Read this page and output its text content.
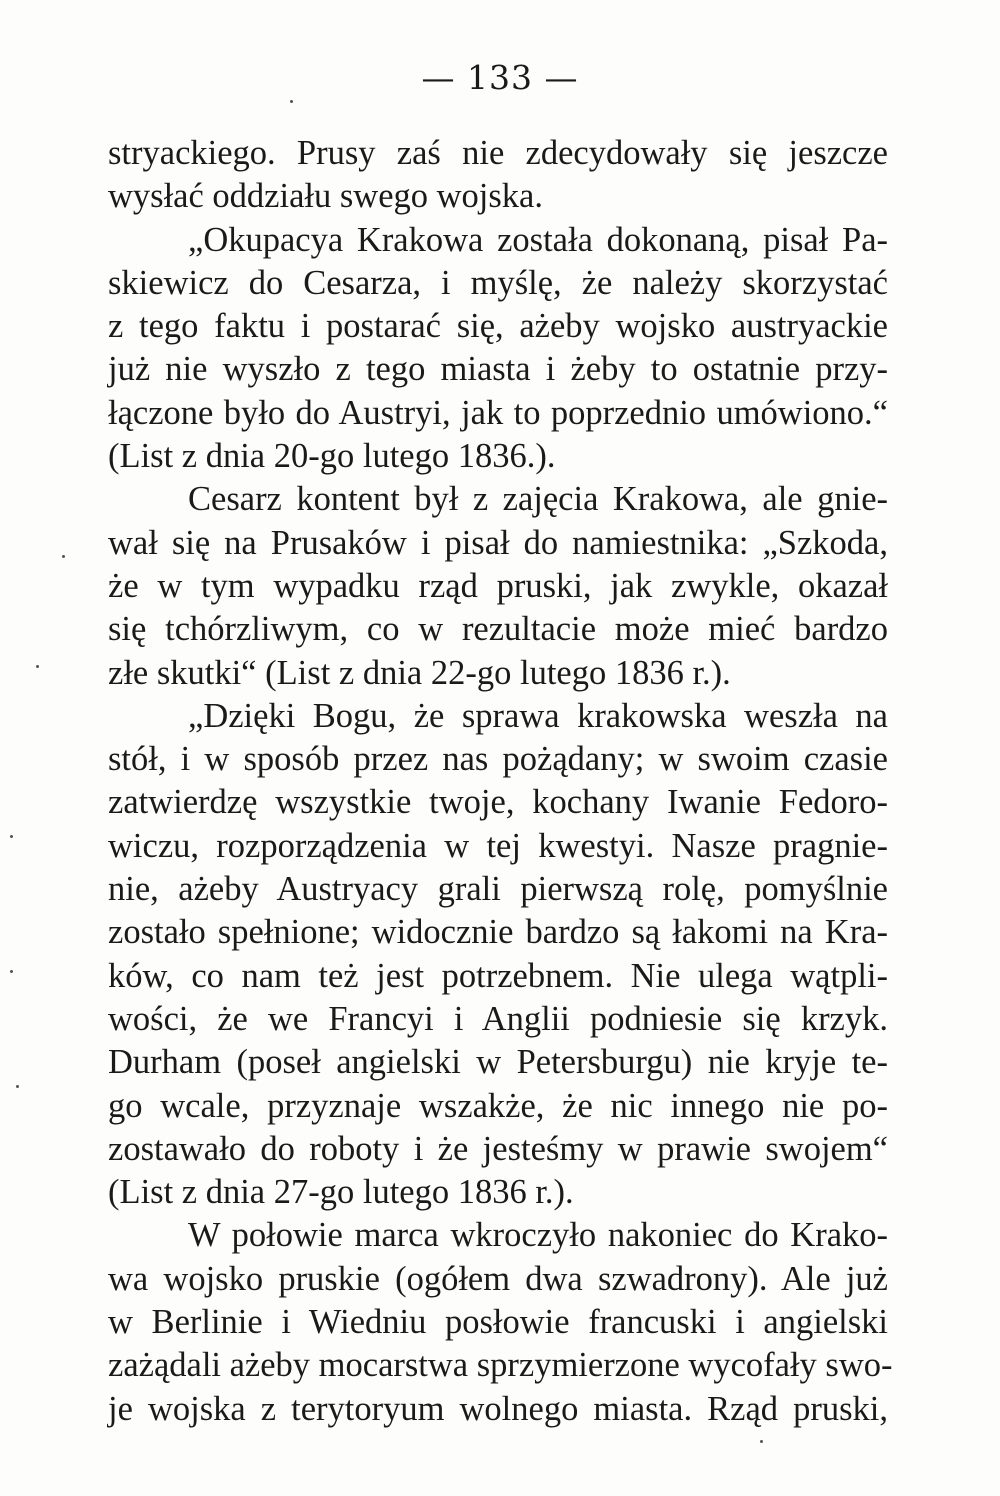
— 133 —
stryackiego. Prusy zaś nie zdecydowały się jeszcze
wysłać oddziału swego wojska.
„Okupacya Krakowa została dokonaną, pisał Pa-
skiewicz do Cesarza, i myślę, że należy skorzystać
z tego faktu i postarać się, ażeby wojsko austryackie
już nie wyszło z tego miasta i żeby to ostatnie przy-
łączone było do Austryi, jak to poprzednio umówiono.“
(List z dnia 20-go lutego 1836.).
Cesarz kontent był z zajęcia Krakowa, ale gnie-
wał się na Prusaków i pisał do namiestnika: „Szkoda,
że w tym wypadku rząd pruski, jak zwykle, okazał
się tchórzliwym, co w rezultacie może mieć bardzo
złe skutki“ (List z dnia 22-go lutego 1836 r.).
„Dzięki Bogu, że sprawa krakowska weszła na
stół, i w sposób przez nas pożądany; w swoim czasie
zatwierdzę wszystkie twoje, kochany Iwanie Fedoro-
wiczu, rozporządzenia w tej kwestyi. Nasze pragnie-
nie, ażeby Austryacy grali pierwszą rolę, pomyślnie
zostało spełnione; widocznie bardzo są łakomi na Kra-
ków, co nam też jest potrzebnem. Nie ulega wątpli-
wości, że we Francyi i Anglii podniesie się krzyk.
Durham (poseł angielski w Petersburgu) nie kryje te-
go wcale, przyznaje wszakże, że nic innego nie po-
zostawało do roboty i że jesteśmy w prawie swojem“
(List z dnia 27-go lutego 1836 r.).
W połowie marca wkroczyło nakoniec do Krako-
wa wojsko pruskie (ogółem dwa szwadrony). Ale już
w Berlinie i Wiedniu posłowie francuski i angielski
zażądali ażeby mocarstwa sprzymierzone wycofały swo-
je wojska z terytoryum wolnego miasta. Rząd pruski,
